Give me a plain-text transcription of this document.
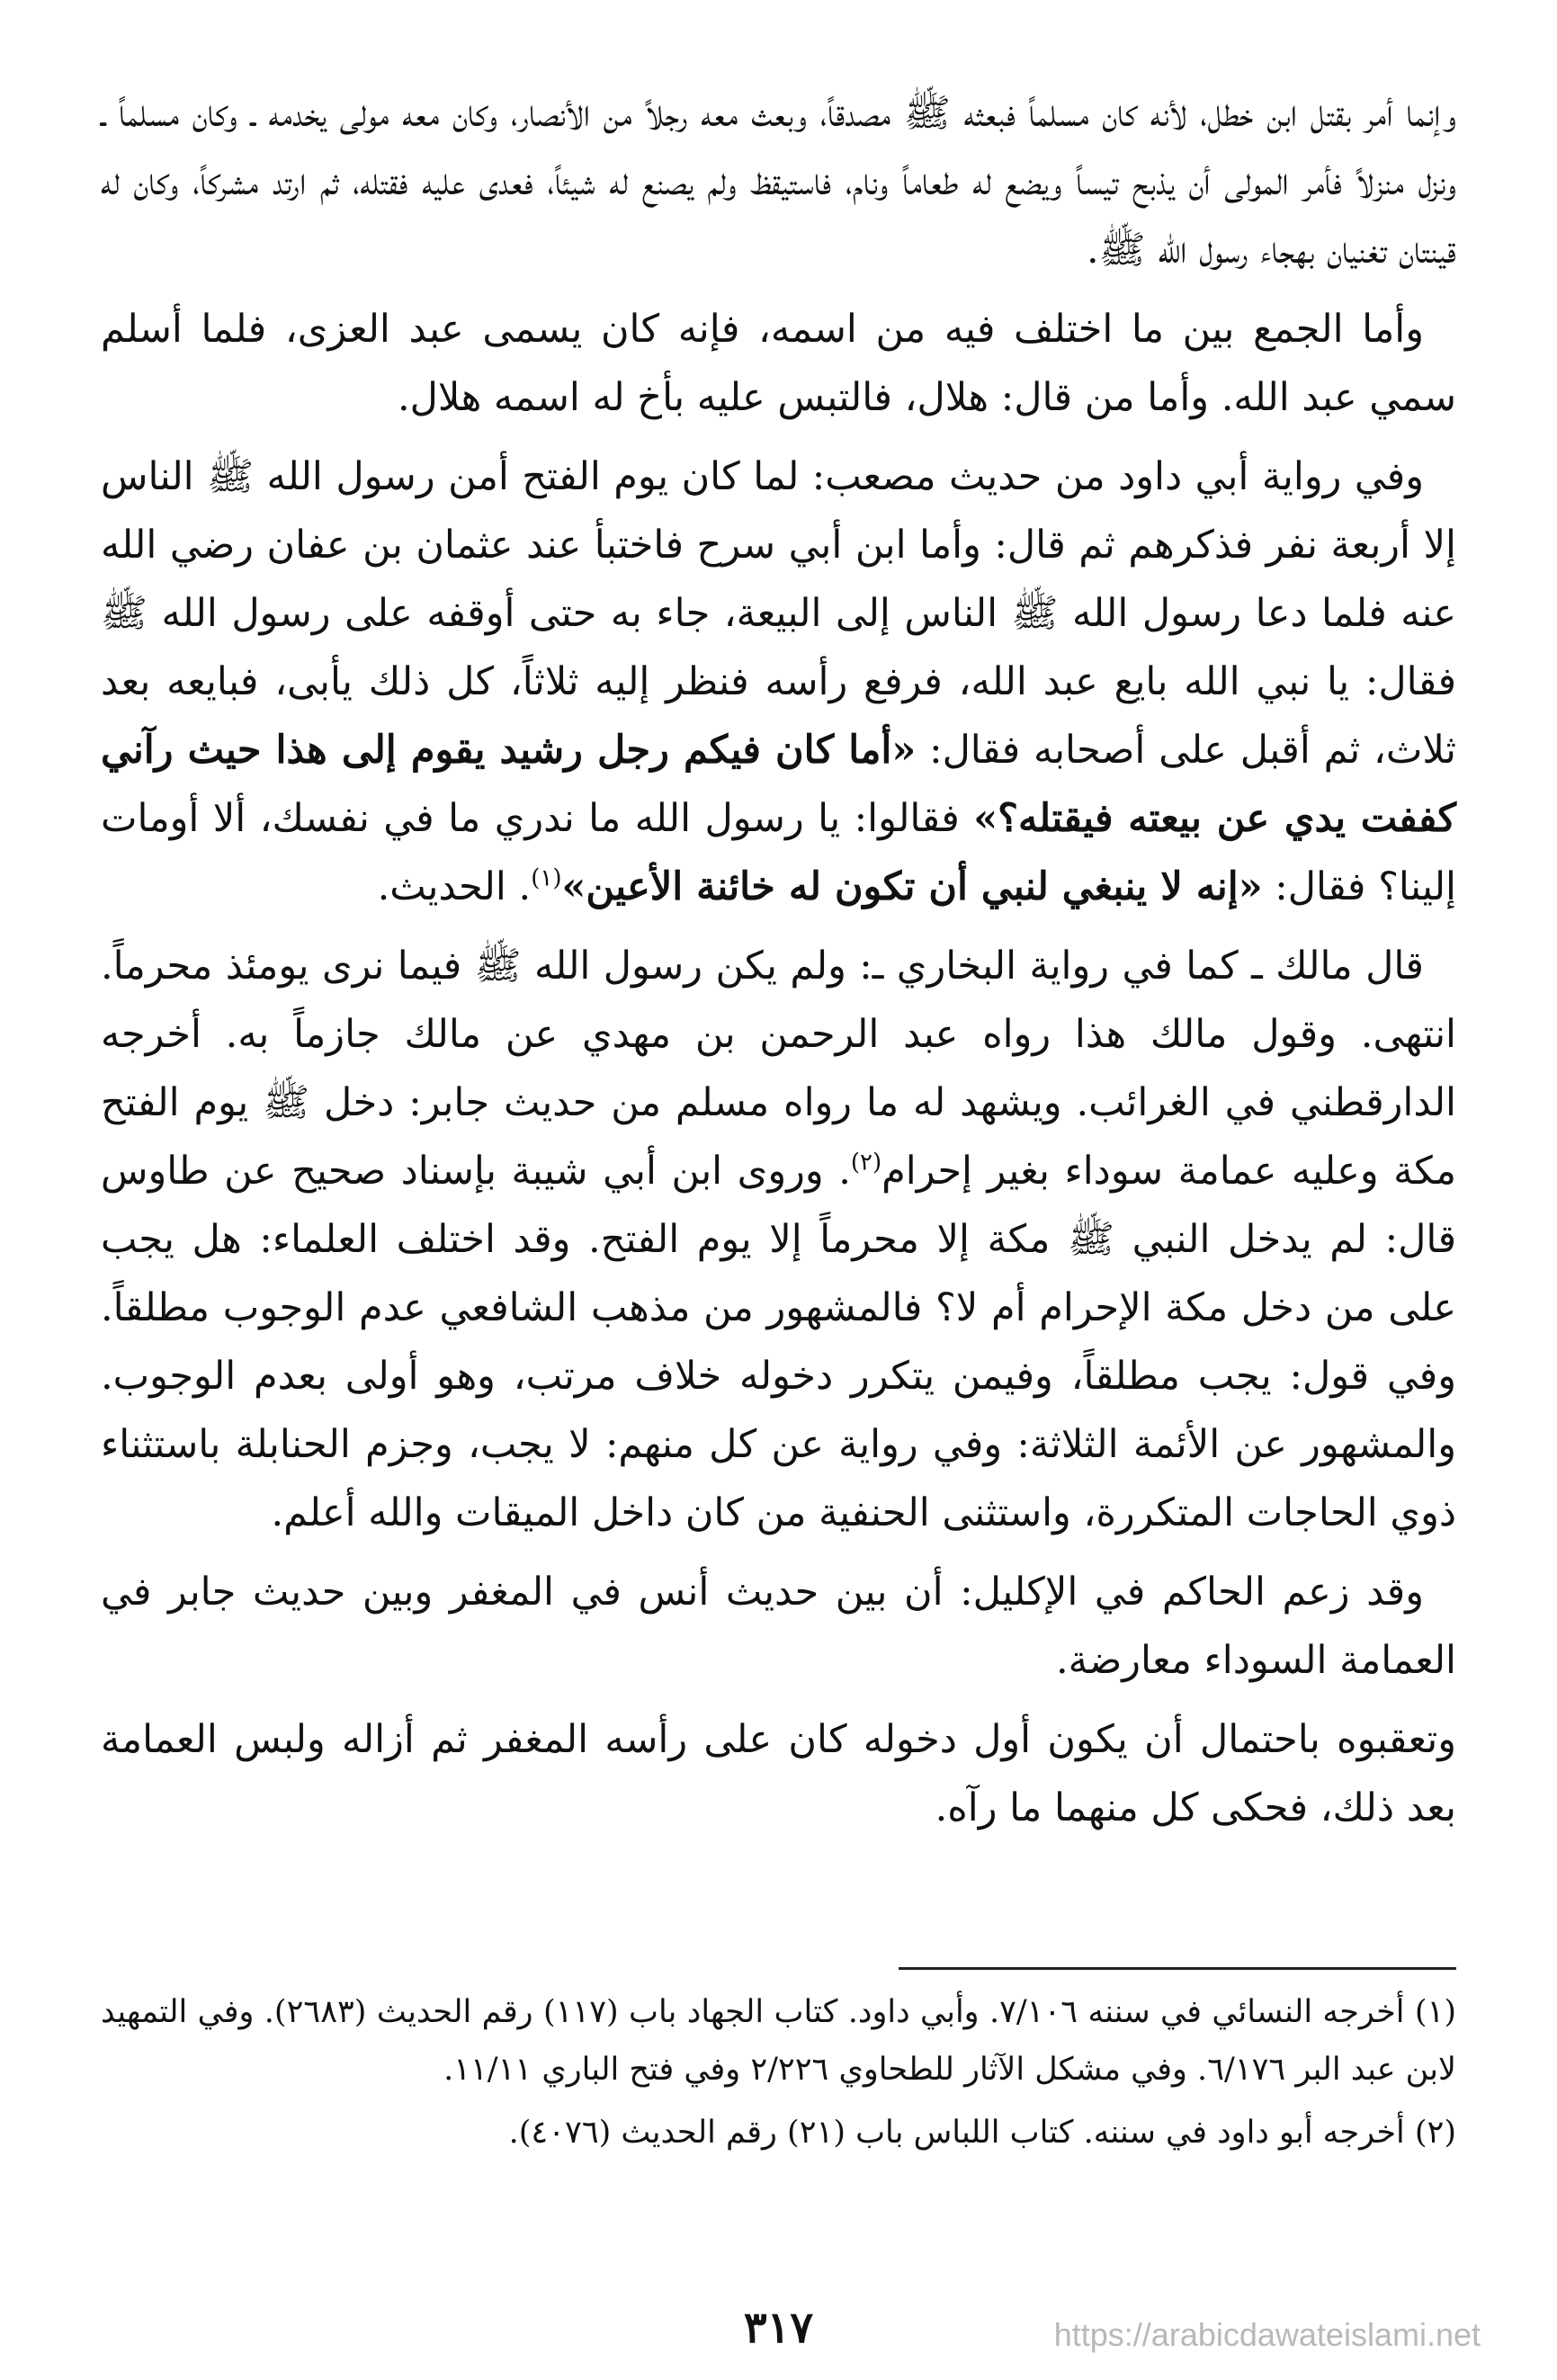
وإنما أمر بقتل ابن خطل، لأنه كان مسلماً فبعثه ﷺ مصدقاً، وبعث معه رجلاً من الأنصار، وكان معه مولى يخدمه ـ وكان مسلماً ـ ونزل منزلاً فأمر المولى أن يذبح تيساً ويضع له طعاماً ونام، فاستيقظ ولم يصنع له شيئاً، فعدى عليه فقتله، ثم ارتد مشركاً، وكان له قينتان تغنيان بهجاء رسول الله ﷺ.

وأما الجمع بين ما اختلف فيه من اسمه، فإنه كان يسمى عبد العزى، فلما أسلم سمي عبد الله. وأما من قال: هلال، فالتبس عليه بأخ له اسمه هلال.

وفي رواية أبي داود من حديث مصعب: لما كان يوم الفتح أمن رسول الله ﷺ الناس إلا أربعة نفر فذكرهم ثم قال: وأما ابن أبي سرح فاختبأ عند عثمان بن عفان رضي الله عنه فلما دعا رسول الله ﷺ الناس إلى البيعة، جاء به حتى أوقفه على رسول الله ﷺ فقال: يا نبي الله بايع عبد الله، فرفع رأسه فنظر إليه ثلاثاً، كل ذلك يأبى، فبايعه بعد ثلاث، ثم أقبل على أصحابه فقال: «أما كان فيكم رجل رشيد يقوم إلى هذا حيث رآني كففت يدي عن بيعته فيقتله؟» فقالوا: يا رسول الله ما ندري ما في نفسك، ألا أومات إلينا؟ فقال: «إنه لا ينبغي لنبي أن تكون له خائنة الأعين»$^{(١)}$. الحديث.

قال مالك ـ كما في رواية البخاري ـ: ولم يكن رسول الله ﷺ فيما نرى يومئذ محرماً. انتهى. وقول مالك هذا رواه عبد الرحمن بن مهدي عن مالك جازماً به. أخرجه الدارقطني في الغرائب. ويشهد له ما رواه مسلم من حديث جابر: دخل ﷺ يوم الفتح مكة وعليه عمامة سوداء بغير إحرام$^{(٢)}$. وروى ابن أبي شيبة بإسناد صحيح عن طاوس قال: لم يدخل النبي ﷺ مكة إلا محرماً إلا يوم الفتح. وقد اختلف العلماء: هل يجب على من دخل مكة الإحرام أم لا؟ فالمشهور من مذهب الشافعي عدم الوجوب مطلقاً. وفي قول: يجب مطلقاً، وفيمن يتكرر دخوله خلاف مرتب، وهو أولى بعدم الوجوب. والمشهور عن الأئمة الثلاثة: وفي رواية عن كل منهم: لا يجب، وجزم الحنابلة باستثناء ذوي الحاجات المتكررة، واستثنى الحنفية من كان داخل الميقات والله أعلم.

وقد زعم الحاكم في الإكليل: أن بين حديث أنس في المغفر وبين حديث جابر في العمامة السوداء معارضة.

وتعقبوه باحتمال أن يكون أول دخوله كان على رأسه المغفر ثم أزاله ولبس العمامة بعد ذلك، فحكى كل منهما ما رآه.

(١) أخرجه النسائي في سننه ٧/١٠٦. وأبي داود. كتاب الجهاد باب (١١٧) رقم الحديث (٢٦٨٣). وفي التمهيد لابن عبد البر ٦/١٧٦. وفي مشكل الآثار للطحاوي ٢/٢٢٦ وفي فتح الباري ١١/١١.

(٢) أخرجه أبو داود في سننه. كتاب اللباس باب (٢١) رقم الحديث (٤٠٧٦).

٣١٧	https://arabicdawateislami.net
